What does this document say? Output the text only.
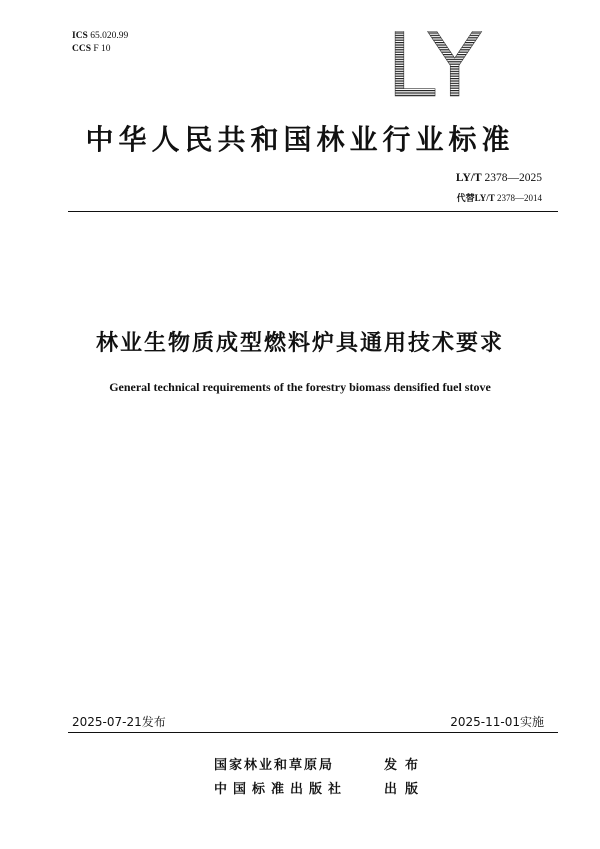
ICS 65.020.99
CCS F 10	LY
中华人民共和国林业行业标准
LY/T 2378—2025
代替LY/T 2378—2014
林业生物质成型燃料炉具通用技术要求
General technical requirements of the forestry biomass densified fuel stove
2025-07-21发布	2025-11-01实施
国家林业和草原局	发布
中国标准出版社	出版
